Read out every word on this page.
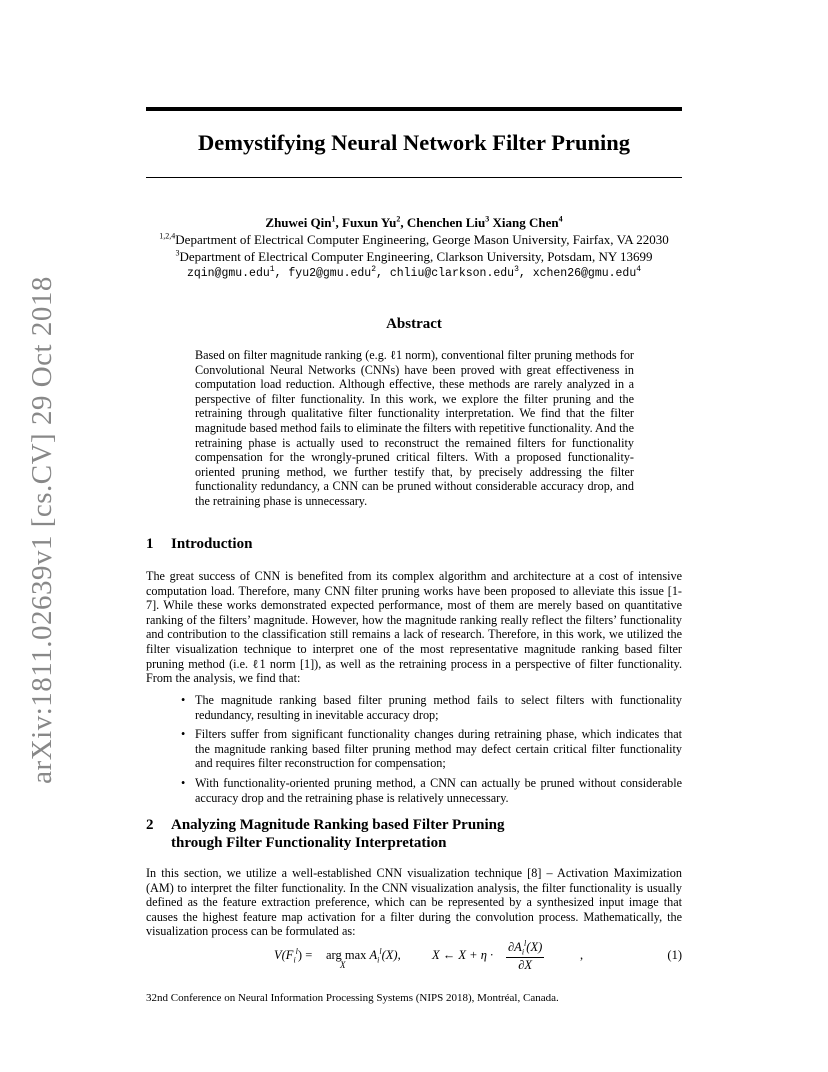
arXiv:1811.02639v1 [cs.CV] 29 Oct 2018
Demystifying Neural Network Filter Pruning
Zhuwei Qin$^1$, Fuxun Yu$^2$, Chenchen Liu$^3$ Xiang Chen$^4$
$^{1,2,4}$Department of Electrical Computer Engineering, George Mason University, Fairfax, VA 22030
$^3$Department of Electrical Computer Engineering, Clarkson University, Potsdam, NY 13699
zqin@gmu.edu$^1$, fyu2@gmu.edu$^2$, chliu@clarkson.edu$^3$, xchen26@gmu.edu$^4$
Abstract

Based on filter magnitude ranking (e.g. ℓ1 norm), conventional filter pruning methods for Convolutional Neural Networks (CNNs) have been proved with great effectiveness in computation load reduction. Although effective, these methods are rarely analyzed in a perspective of filter functionality. In this work, we explore the filter pruning and the retraining through qualitative filter functionality interpretation. We find that the filter magnitude based method fails to eliminate the filters with repetitive functionality. And the retraining phase is actually used to reconstruct the remained filters for functionality compensation for the wrongly-pruned critical filters. With a proposed functionality-oriented pruning method, we further testify that, by precisely addressing the filter functionality redundancy, a CNN can be pruned without considerable accuracy drop, and the retraining phase is unnecessary.

1 Introduction

The great success of CNN is benefited from its complex algorithm and architecture at a cost of intensive computation load. Therefore, many CNN filter pruning works have been proposed to alleviate this issue [1-7]. While these works demonstrated expected performance, most of them are merely based on quantitative ranking of the filters’ magnitude. However, how the magnitude ranking really reflect the filters’ functionality and contribution to the classification still remains a lack of research. Therefore, in this work, we utilized the filter visualization technique to interpret one of the most representative magnitude ranking based filter pruning method (i.e. ℓ1 norm [1]), as well as the retraining process in a perspective of filter functionality. From the analysis, we find that:

• The magnitude ranking based filter pruning method fails to select filters with functionality redundancy, resulting in inevitable accuracy drop;
• Filters suffer from significant functionality changes during retraining phase, which indicates that the magnitude ranking based filter pruning method may defect certain critical filter functionality and requires filter reconstruction for compensation;
• With functionality-oriented pruning method, a CNN can actually be pruned without considerable accuracy drop and the retraining phase is relatively unnecessary.
2 Analyzing Magnitude Ranking based Filter Pruning
through Filter Functionality Interpretation

In this section, we utilize a well-established CNN visualization technique [8] – Activation Maximization (AM) to interpret the filter functionality. In the CNN visualization analysis, the filter functionality is usually defined as the feature extraction preference, which can be represented by a synthesized input image that causes the highest feature map activation for a filter during the convolution process. Mathematically, the visualization process can be formulated as:

$V(F_i^l)$ = arg $\max A_i^l(X)$,
X
X ← X + η ·
$\partial A_i^l(X)$
∂X
,	(1)
32nd Conference on Neural Information Processing Systems (NIPS 2018), Montréal, Canada.
